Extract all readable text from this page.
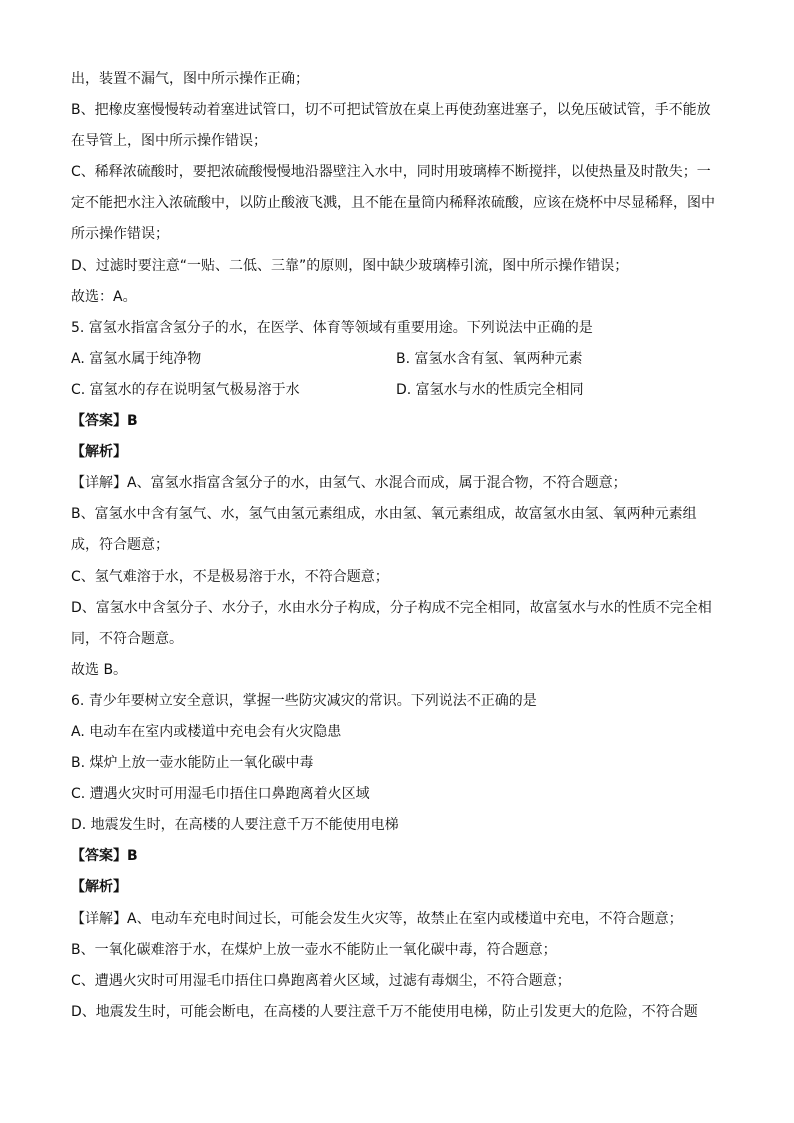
出，装置不漏气，图中所示操作正确；
B、把橡皮塞慢慢转动着塞进试管口，切不可把试管放在桌上再使劲塞进塞子，以免压破试管，手不能放
在导管上，图中所示操作错误；
C、稀释浓硫酸时，要把浓硫酸慢慢地沿器壁注入水中，同时用玻璃棒不断搅拌，以使热量及时散失；一
定不能把水注入浓硫酸中，以防止酸液飞溅，且不能在量筒内稀释浓硫酸，应该在烧杯中尽显稀释，图中
所示操作错误；
D、过滤时要注意“一贴、二低、三靠”的原则，图中缺少玻璃棒引流，图中所示操作错误；
故选：A。
5. 富氢水指富含氢分子的水，在医学、体育等领域有重要用途。下列说法中正确的是
A. 富氢水属于纯净物	B. 富氢水含有氢、氧两种元素
C. 富氢水的存在说明氢气极易溶于水	D. 富氢水与水的性质完全相同
【答案】B
【解析】
【详解】A、富氢水指富含氢分子的水，由氢气、水混合而成，属于混合物，不符合题意；
B、富氢水中含有氢气、水，氢气由氢元素组成，水由氢、氧元素组成，故富氢水由氢、氧两种元素组
成，符合题意；
C、氢气难溶于水，不是极易溶于水，不符合题意；
D、富氢水中含氢分子、水分子，水由水分子构成，分子构成不完全相同，故富氢水与水的性质不完全相
同，不符合题意。
故选 B。
6. 青少年要树立安全意识，掌握一些防灾减灾的常识。下列说法不正确的是
A. 电动车在室内或楼道中充电会有火灾隐患
B. 煤炉上放一壶水能防止一氧化碳中毒
C. 遭遇火灾时可用湿毛巾捂住口鼻跑离着火区域
D. 地震发生时，在高楼的人要注意千万不能使用电梯
【答案】B
【解析】
【详解】A、电动车充电时间过长，可能会发生火灾等，故禁止在室内或楼道中充电，不符合题意；
B、一氧化碳难溶于水，在煤炉上放一壶水不能防止一氧化碳中毒，符合题意；
C、遭遇火灾时可用湿毛巾捂住口鼻跑离着火区域，过滤有毒烟尘，不符合题意；
D、地震发生时，可能会断电，在高楼的人要注意千万不能使用电梯，防止引发更大的危险，不符合题
